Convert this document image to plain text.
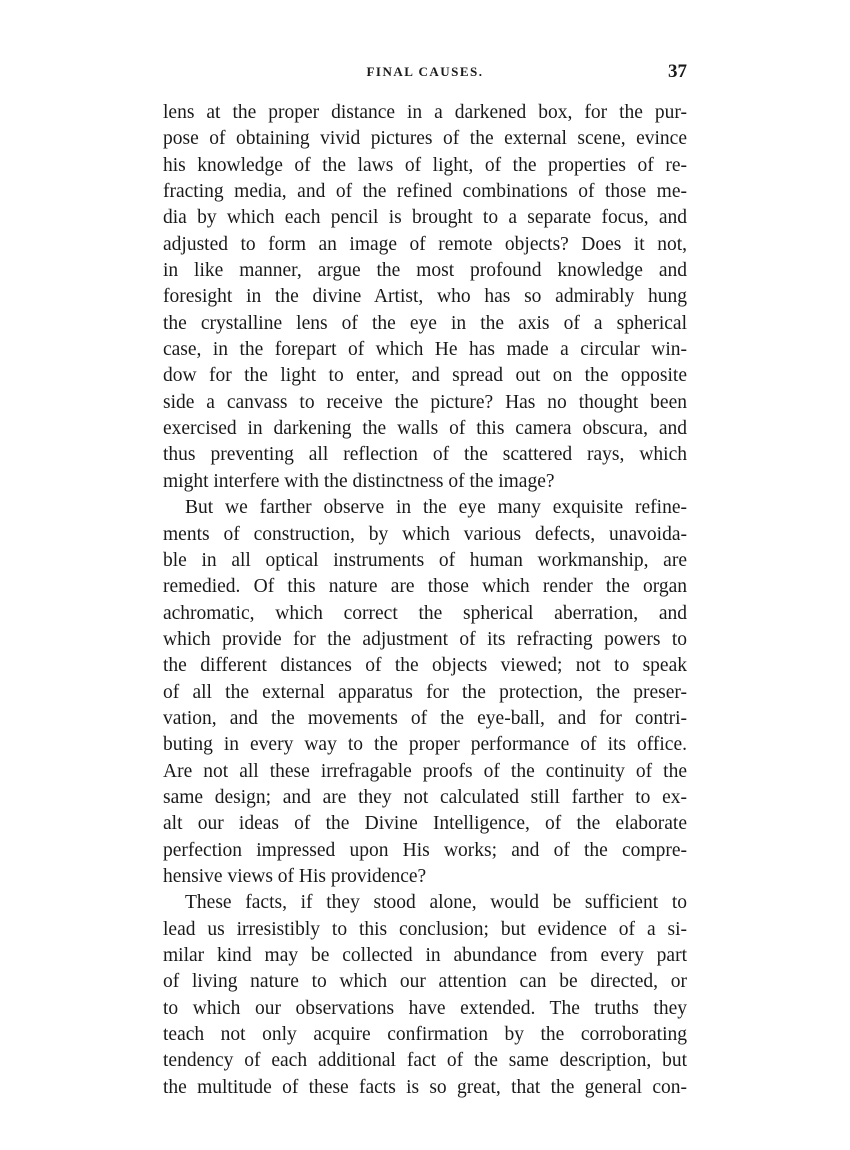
FINAL CAUSES.	37
lens at the proper distance in a darkened box, for the pur-
pose of obtaining vivid pictures of the external scene, evince
his knowledge of the laws of light, of the properties of re-
fracting media, and of the refined combinations of those me-
dia by which each pencil is brought to a separate focus, and
adjusted to form an image of remote objects? Does it not,
in like manner, argue the most profound knowledge and
foresight in the divine Artist, who has so admirably hung
the crystalline lens of the eye in the axis of a spherical
case, in the forepart of which He has made a circular win-
dow for the light to enter, and spread out on the opposite
side a canvass to receive the picture? Has no thought been
exercised in darkening the walls of this camera obscura, and
thus preventing all reflection of the scattered rays, which
might interfere with the distinctness of the image?
But we farther observe in the eye many exquisite refine-
ments of construction, by which various defects, unavoida-
ble in all optical instruments of human workmanship, are
remedied. Of this nature are those which render the organ
achromatic, which correct the spherical aberration, and
which provide for the adjustment of its refracting powers to
the different distances of the objects viewed; not to speak
of all the external apparatus for the protection, the preser-
vation, and the movements of the eye-ball, and for contri-
buting in every way to the proper performance of its office.
Are not all these irrefragable proofs of the continuity of the
same design; and are they not calculated still farther to ex-
alt our ideas of the Divine Intelligence, of the elaborate
perfection impressed upon His works; and of the compre-
hensive views of His providence?
These facts, if they stood alone, would be sufficient to
lead us irresistibly to this conclusion; but evidence of a si-
milar kind may be collected in abundance from every part
of living nature to which our attention can be directed, or
to which our observations have extended. The truths they
teach not only acquire confirmation by the corroborating
tendency of each additional fact of the same description, but
the multitude of these facts is so great, that the general con-
